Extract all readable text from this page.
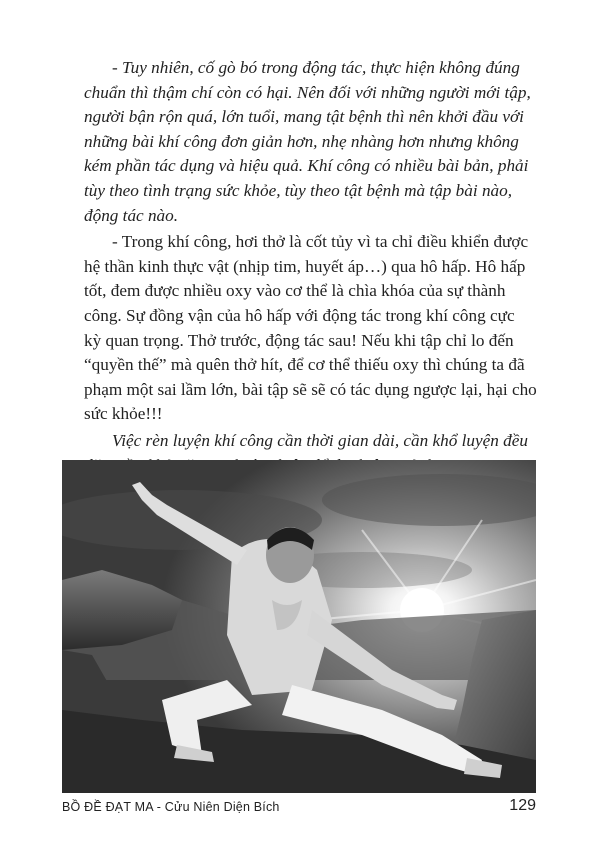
- Tuy nhiên, cố gò bó trong động tác, thực hiện không đúng
chuẩn thì thậm chí còn có hại. Nên đối với những người mới tập,
người bận rộn quá, lớn tuổi, mang tật bệnh thì nên khởi đầu với
những bài khí công đơn giản hơn, nhẹ nhàng hơn nhưng không
kém phần tác dụng và hiệu quả. Khí công có nhiều bài bản, phải
tùy theo tình trạng sức khỏe, tùy theo tật bệnh mà tập bài nào,
động tác nào.

- Trong khí công, hơi thở là cốt tủy vì ta chỉ điều khiển được
hệ thần kinh thực vật (nhịp tim, huyết áp…) qua hô hấp. Hô hấp
tốt, đem được nhiều oxy vào cơ thể là chìa khóa của sự thành
công. Sự đồng vận của hô hấp với động tác trong khí công cực
kỳ quan trọng. Thở trước, động tác sau! Nếu khi tập chỉ lo đến
“quyền thế” mà quên thở hít, để cơ thể thiếu oxy thì chúng ta đã
phạm một sai lầm lớn, bài tập sẽ sẽ có tác dụng ngược lại, hại cho
sức khỏe!!!

Việc rèn luyện khí công cần thời gian dài, cần khổ luyện đều

BỒ ĐỀ ĐẠT MA - Cửu Niên Diện Bích	129
